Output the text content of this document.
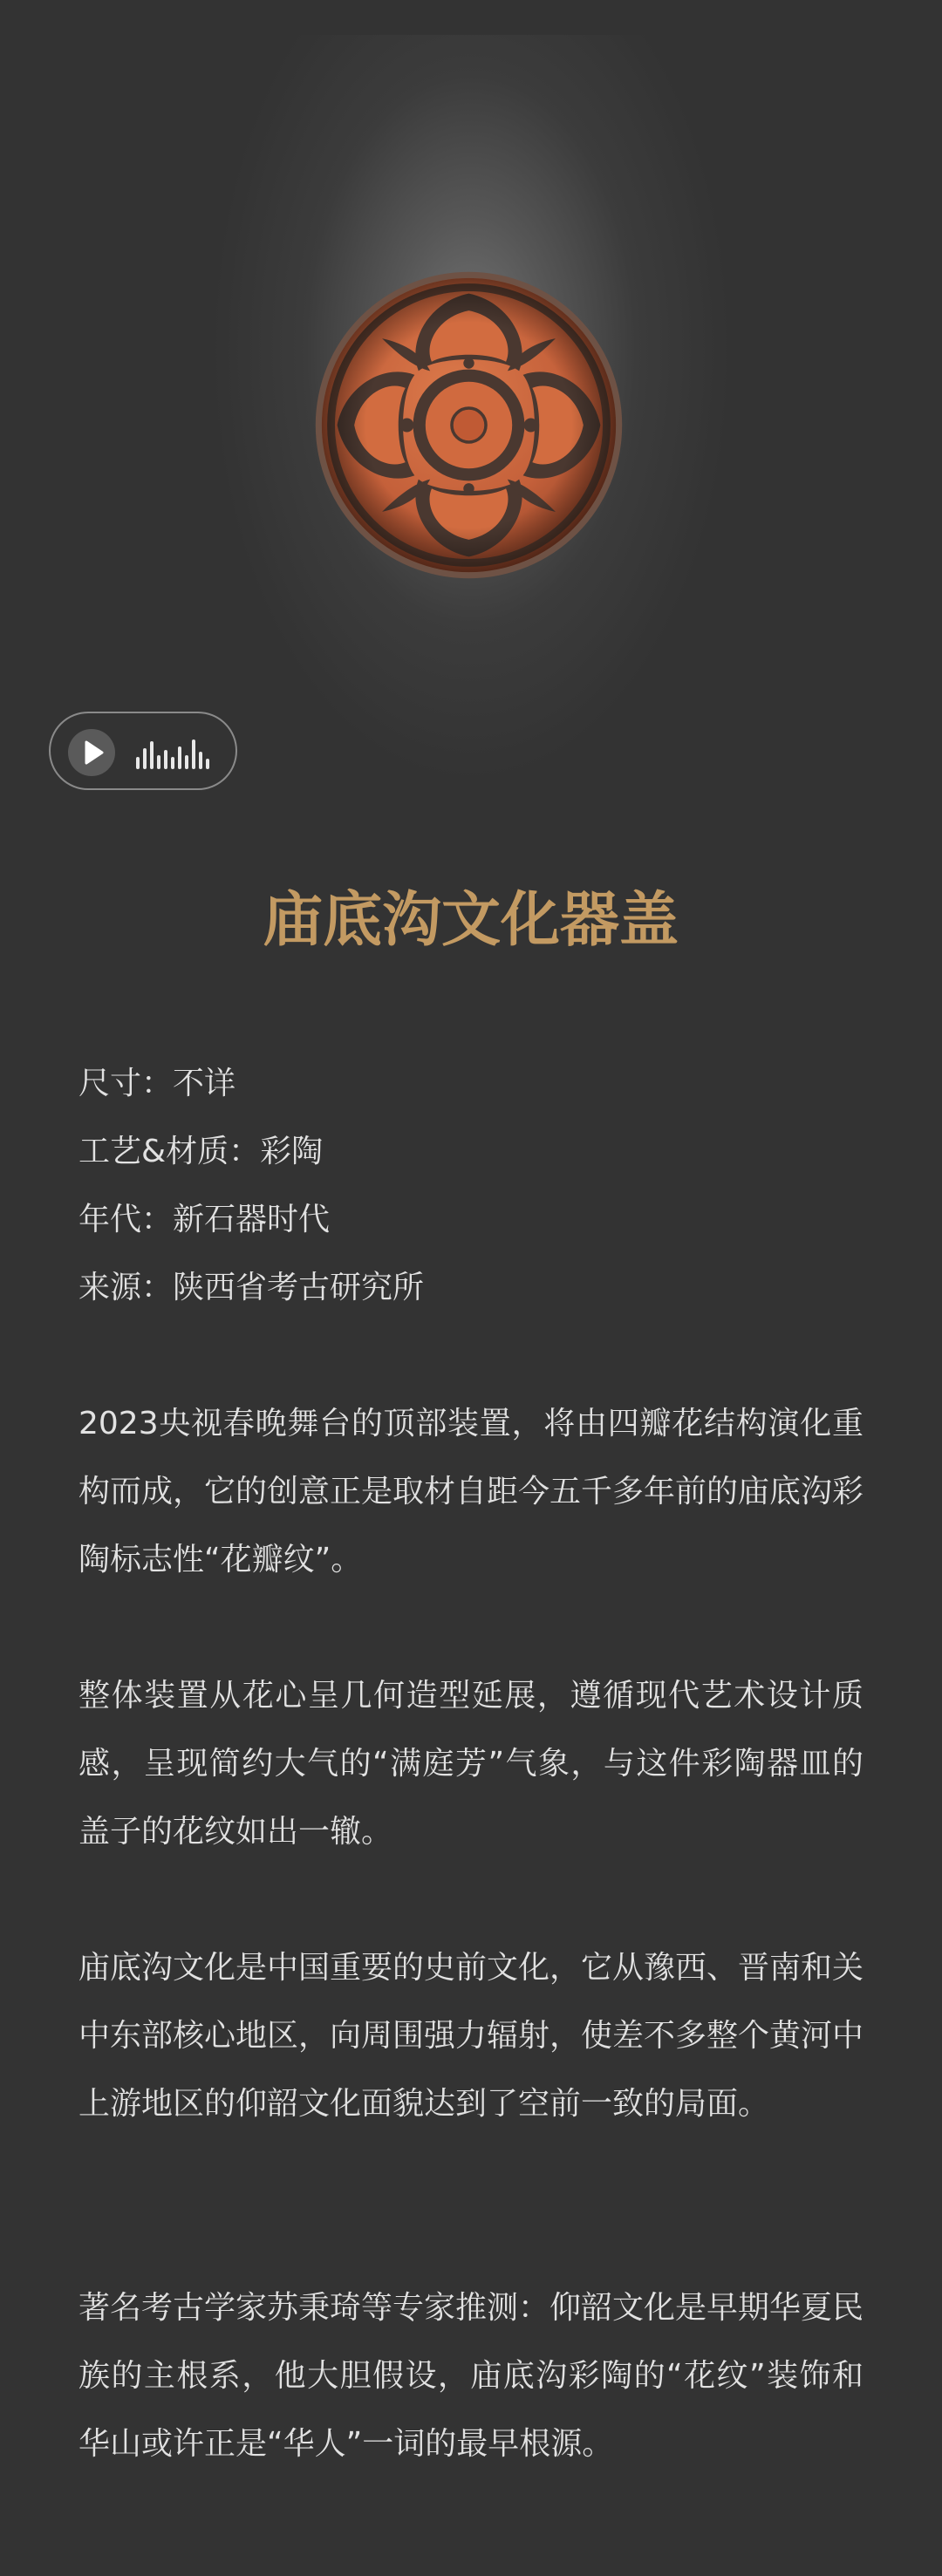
庙底沟文化器盖
尺寸：不详
工艺&材质：彩陶
年代：新石器时代
来源：陕西省考古研究所

2023央视春晚舞台的顶部装置，将由四瓣花结构演化重构而成，它的创意正是取材自距今五千多年前的庙底沟彩陶标志性“花瓣纹”。

整体装置从花心呈几何造型延展，遵循现代艺术设计质感，呈现简约大气的“满庭芳”气象，与这件彩陶器皿的盖子的花纹如出一辙。

庙底沟文化是中国重要的史前文化，它从豫西、晋南和关中东部核心地区，向周围强力辐射，使差不多整个黄河中上游地区的仰韶文化面貌达到了空前一致的局面。

著名考古学家苏秉琦等专家推测：仰韶文化是早期华夏民族的主根系，他大胆假设，庙底沟彩陶的“花纹”装饰和华山或许正是“华人”一词的最早根源。
